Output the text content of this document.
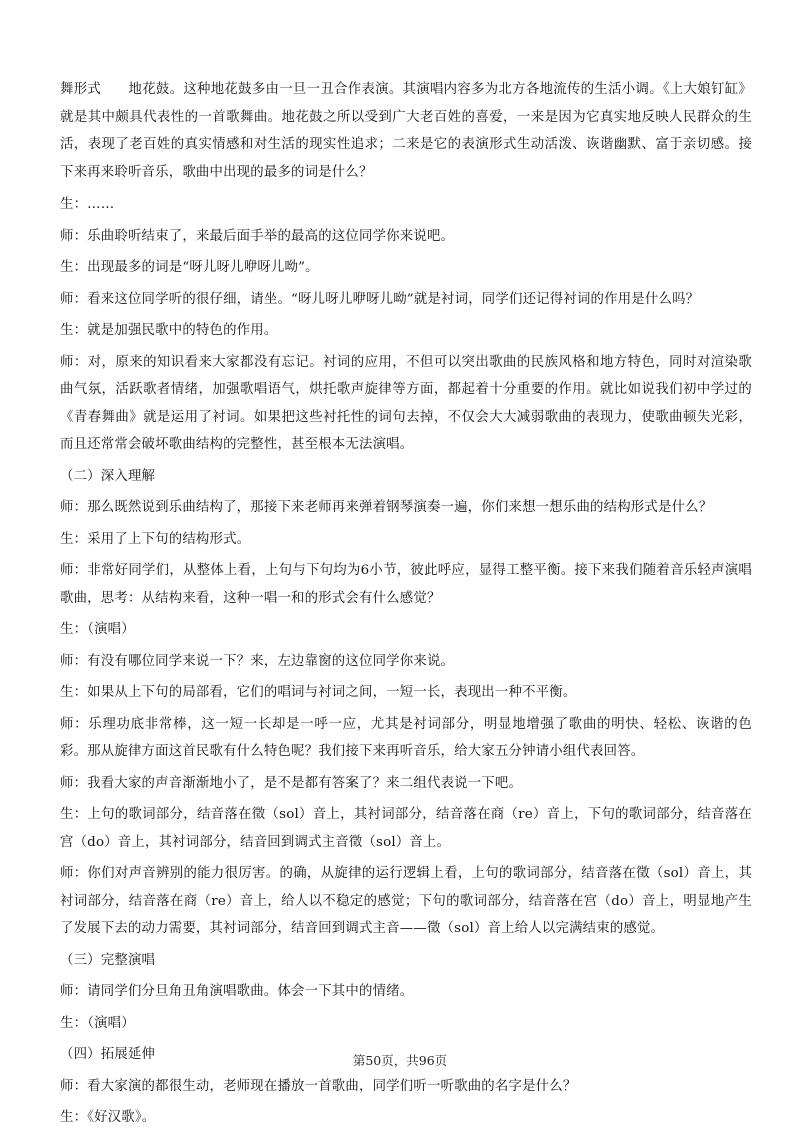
舞形式　　地花鼓。这种地花鼓多由一旦一丑合作表演。其演唱内容多为北方各地流传的生活小调。《上大娘钉缸》就是其中颇具代表性的一首歌舞曲。地花鼓之所以受到广大老百姓的喜爱，一来是因为它真实地反映人民群众的生活，表现了老百姓的真实情感和对生活的现实性追求；二来是它的表演形式生动活泼、诙谐幽默、富于亲切感。接下来再来聆听音乐，歌曲中出现的最多的词是什么？

生：……

师：乐曲聆听结束了，来最后面手举的最高的这位同学你来说吧。

生：出现最多的词是“呀儿呀儿咿呀儿呦”。

师：看来这位同学听的很仔细，请坐。“呀儿呀儿咿呀儿呦”就是衬词，同学们还记得衬词的作用是什么吗？

生：就是加强民歌中的特色的作用。

师：对，原来的知识看来大家都没有忘记。衬词的应用，不但可以突出歌曲的民族风格和地方特色，同时对渲染歌曲气氛，活跃歌者情绪，加强歌唱语气，烘托歌声旋律等方面，都起着十分重要的作用。就比如说我们初中学过的《青春舞曲》就是运用了衬词。如果把这些衬托性的词句去掉，不仅会大大减弱歌曲的表现力，使歌曲顿失光彩，而且还常常会破坏歌曲结构的完整性，甚至根本无法演唱。

（二）深入理解

师：那么既然说到乐曲结构了，那接下来老师再来弹着钢琴演奏一遍，你们来想一想乐曲的结构形式是什么？

生：采用了上下句的结构形式。

师：非常好同学们，从整体上看，上句与下句均为6小节，彼此呼应，显得工整平衡。接下来我们随着音乐轻声演唱歌曲，思考：从结构来看，这种一唱一和的形式会有什么感觉？

生：（演唱）

师：有没有哪位同学来说一下？来，左边靠窗的这位同学你来说。

生：如果从上下句的局部看，它们的唱词与衬词之间，一短一长，表现出一种不平衡。

师：乐理功底非常棒，这一短一长却是一呼一应，尤其是衬词部分，明显地增强了歌曲的明快、轻松、诙谐的色彩。那从旋律方面这首民歌有什么特色呢？我们接下来再听音乐，给大家五分钟请小组代表回答。

师：我看大家的声音渐渐地小了，是不是都有答案了？来二组代表说一下吧。

生：上句的歌词部分，结音落在徵（sol）音上，其衬词部分，结音落在商（re）音上，下句的歌词部分，结音落在宫（do）音上，其衬词部分，结音回到调式主音徵（sol）音上。

师：你们对声音辨别的能力很厉害。的确，从旋律的运行逻辑上看，上句的歌词部分，结音落在徵（sol）音上，其衬词部分，结音落在商（re）音上，给人以不稳定的感觉；下句的歌词部分，结音落在宫（do）音上，明显地产生了发展下去的动力需要，其衬词部分，结音回到调式主音——徵（sol）音上给人以完满结束的感觉。

（三）完整演唱

师：请同学们分旦角丑角演唱歌曲。体会一下其中的情绪。

生：（演唱）

（四）拓展延伸

师：看大家演的都很生动，老师现在播放一首歌曲，同学们听一听歌曲的名字是什么？

生：《好汉歌》。

第50页，共96页
